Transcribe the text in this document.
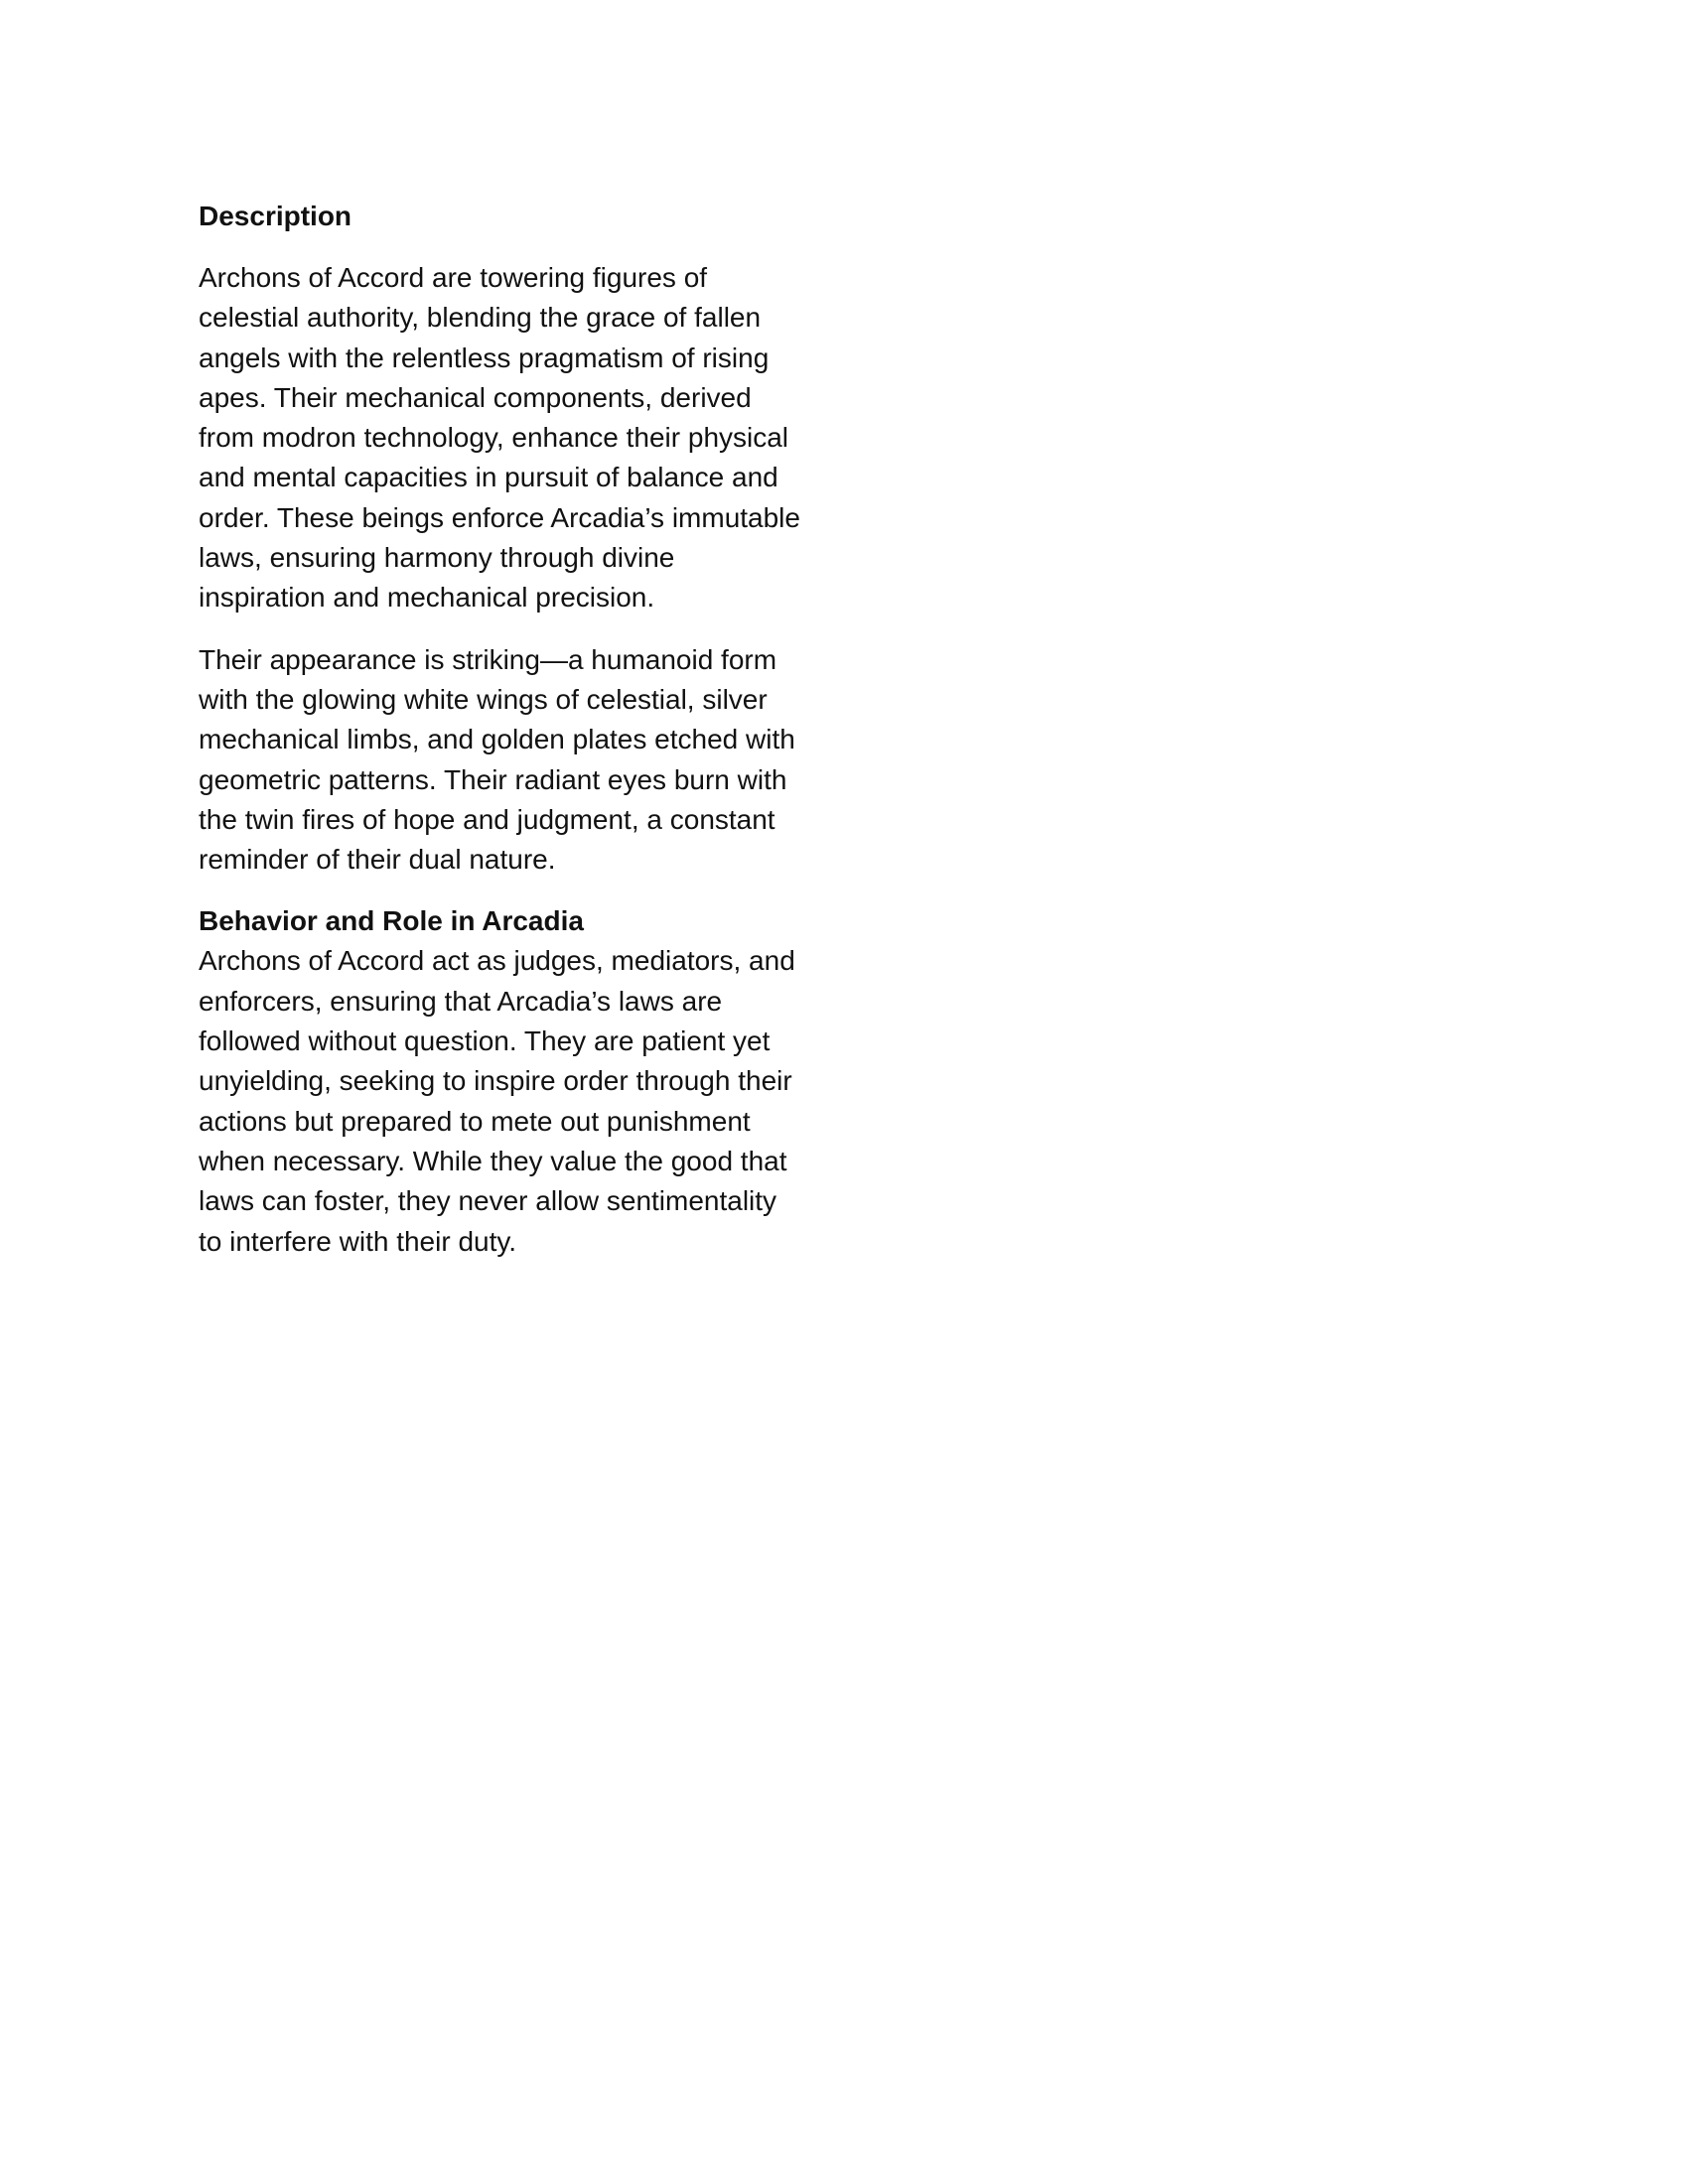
Description

Archons of Accord are towering figures of celestial authority, blending the grace of fallen angels with the relentless pragmatism of rising apes. Their mechanical components, derived from modron technology, enhance their physical and mental capacities in pursuit of balance and order. These beings enforce Arcadia’s immutable laws, ensuring harmony through divine inspiration and mechanical precision.

Their appearance is striking—a humanoid form with the glowing white wings of celestial, silver mechanical limbs, and golden plates etched with geometric patterns. Their radiant eyes burn with the twin fires of hope and judgment, a constant reminder of their dual nature.

Behavior and Role in Arcadia

Archons of Accord act as judges, mediators, and enforcers, ensuring that Arcadia’s laws are followed without question. They are patient yet unyielding, seeking to inspire order through their actions but prepared to mete out punishment when necessary. While they value the good that laws can foster, they never allow sentimentality to interfere with their duty.
